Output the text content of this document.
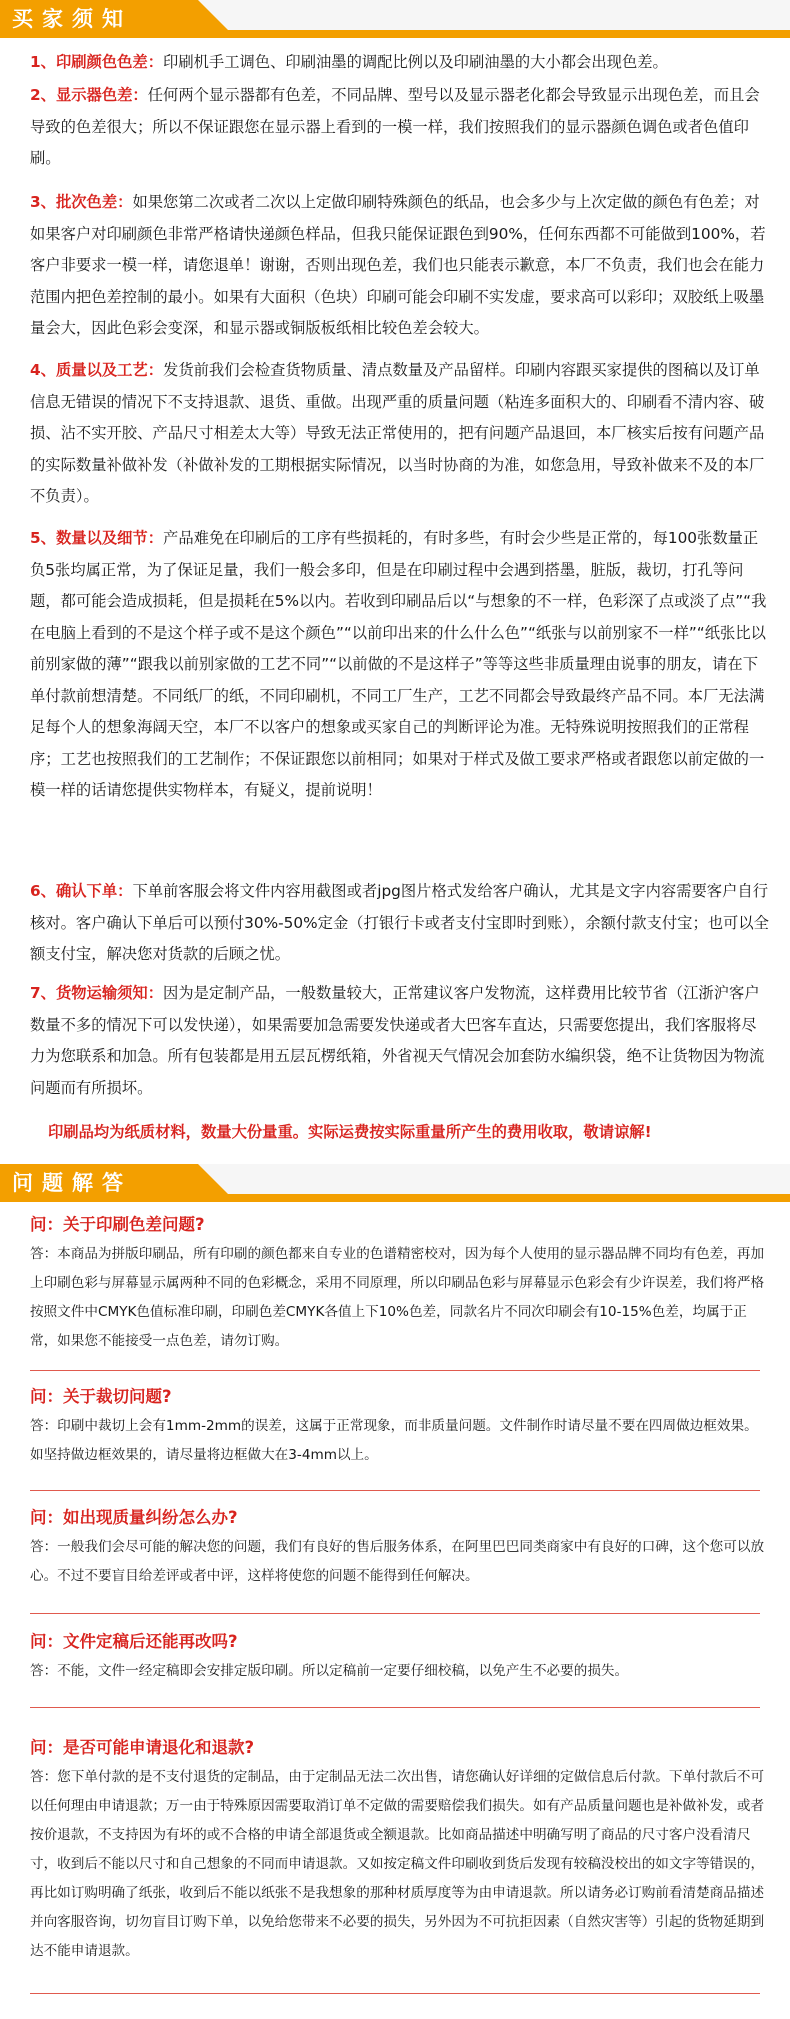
买家须知
1、印刷颜色色差：印刷机手工调色、印刷油墨的调配比例以及印刷油墨的大小都会出现色差。
2、显示器色差：任何两个显示器都有色差，不同品牌、型号以及显示器老化都会导致显示出现色差，而且会导致的色差很大；所以不保证跟您在显示器上看到的一模一样，我们按照我们的显示器颜色调色或者色值印刷。
3、批次色差：如果您第二次或者二次以上定做印刷特殊颜色的纸品，也会多少与上次定做的颜色有色差；对如果客户对印刷颜色非常严格请快递颜色样品，但我只能保证跟色到90%，任何东西都不可能做到100%，若客户非要求一模一样，请您退单！谢谢，否则出现色差，我们也只能表示歉意，本厂不负责，我们也会在能力范围内把色差控制的最小。如果有大面积（色块）印刷可能会印刷不实发虚，要求高可以彩印；双胶纸上吸墨量会大，因此色彩会变深，和显示器或铜版板纸相比较色差会较大。
4、质量以及工艺：发货前我们会检查货物质量、清点数量及产品留样。印刷内容跟买家提供的图稿以及订单信息无错误的情况下不支持退款、退货、重做。出现严重的质量问题（粘连多面积大的、印刷看不清内容、破损、沾不实开胶、产品尺寸相差太大等）导致无法正常使用的，把有问题产品退回，本厂核实后按有问题产品的实际数量补做补发（补做补发的工期根据实际情况，以当时协商的为准，如您急用，导致补做来不及的本厂不负责）。
5、数量以及细节：产品难免在印刷后的工序有些损耗的，有时多些，有时会少些是正常的，每100张数量正负5张均属正常，为了保证足量，我们一般会多印，但是在印刷过程中会遇到搭墨，脏版，裁切，打孔等问题，都可能会造成损耗，但是损耗在5%以内。若收到印刷品后以“与想象的不一样，色彩深了点或淡了点”“我在电脑上看到的不是这个样子或不是这个颜色”“以前印出来的什么什么色”“纸张与以前别家不一样”“纸张比以前别家做的薄”“跟我以前别家做的工艺不同”“以前做的不是这样子”等等这些非质量理由说事的朋友，请在下单付款前想清楚。不同纸厂的纸，不同印刷机，不同工厂生产，工艺不同都会导致最终产品不同。本厂无法满足每个人的想象海阔天空，本厂不以客户的想象或买家自己的判断评论为准。无特殊说明按照我们的正常程序；工艺也按照我们的工艺制作；不保证跟您以前相同；如果对于样式及做工要求严格或者跟您以前定做的一模一样的话请您提供实物样本，有疑义，提前说明！
6、确认下单：下单前客服会将文件内容用截图或者jpg图片格式发给客户确认，尤其是文字内容需要客户自行核对。客户确认下单后可以预付30%-50%定金（打银行卡或者支付宝即时到账），余额付款支付宝；也可以全额支付宝，解决您对货款的后顾之忧。
7、货物运输须知：因为是定制产品，一般数量较大，正常建议客户发物流，这样费用比较节省（江浙沪客户数量不多的情况下可以发快递），如果需要加急需要发快递或者大巴客车直达，只需要您提出，我们客服将尽力为您联系和加急。所有包装都是用五层瓦楞纸箱，外省视天气情况会加套防水编织袋，绝不让货物因为物流问题而有所损坏。
印刷品均为纸质材料，数量大份量重。实际运费按实际重量所产生的费用收取，敬请谅解!
问题解答
问：关于印刷色差问题?
答：本商品为拼版印刷品，所有印刷的颜色都来自专业的色谱精密校对，因为每个人使用的显示器品牌不同均有色差，再加上印刷色彩与屏幕显示属两种不同的色彩概念，采用不同原理，所以印刷品色彩与屏幕显示色彩会有少许误差，我们将严格按照文件中CMYK色值标准印刷，印刷色差CMYK各值上下10%色差，同款名片不同次印刷会有10-15%色差，均属于正常，如果您不能接受一点色差，请勿订购。
问：关于裁切问题?
答：印刷中裁切上会有1mm-2mm的误差，这属于正常现象，而非质量问题。文件制作时请尽量不要在四周做边框效果。如坚持做边框效果的，请尽量将边框做大在3-4mm以上。
问：如出现质量纠纷怎么办?
答：一般我们会尽可能的解决您的问题，我们有良好的售后服务体系，在阿里巴巴同类商家中有良好的口碑，这个您可以放心。不过不要盲目给差评或者中评，这样将使您的问题不能得到任何解决。
问：文件定稿后还能再改吗?
答：不能，文件一经定稿即会安排定版印刷。所以定稿前一定要仔细校稿，以免产生不必要的损失。
问：是否可能申请退化和退款?
答：您下单付款的是不支付退货的定制品，由于定制品无法二次出售，请您确认好详细的定做信息后付款。下单付款后不可以任何理由申请退款；万一由于特殊原因需要取消订单不定做的需要赔偿我们损失。如有产品质量问题也是补做补发，或者按价退款，不支持因为有坏的或不合格的申请全部退货或全额退款。比如商品描述中明确写明了商品的尺寸客户没看清尺寸，收到后不能以尺寸和自己想象的不同而申请退款。又如按定稿文件印刷收到货后发现有较稿没校出的如文字等错误的，再比如订购明确了纸张，收到后不能以纸张不是我想象的那种材质厚度等为由申请退款。所以请务必订购前看清楚商品描述并向客服咨询，切勿盲目订购下单，以免给您带来不必要的损失，另外因为不可抗拒因素（自然灾害等）引起的货物延期到达不能申请退款。
